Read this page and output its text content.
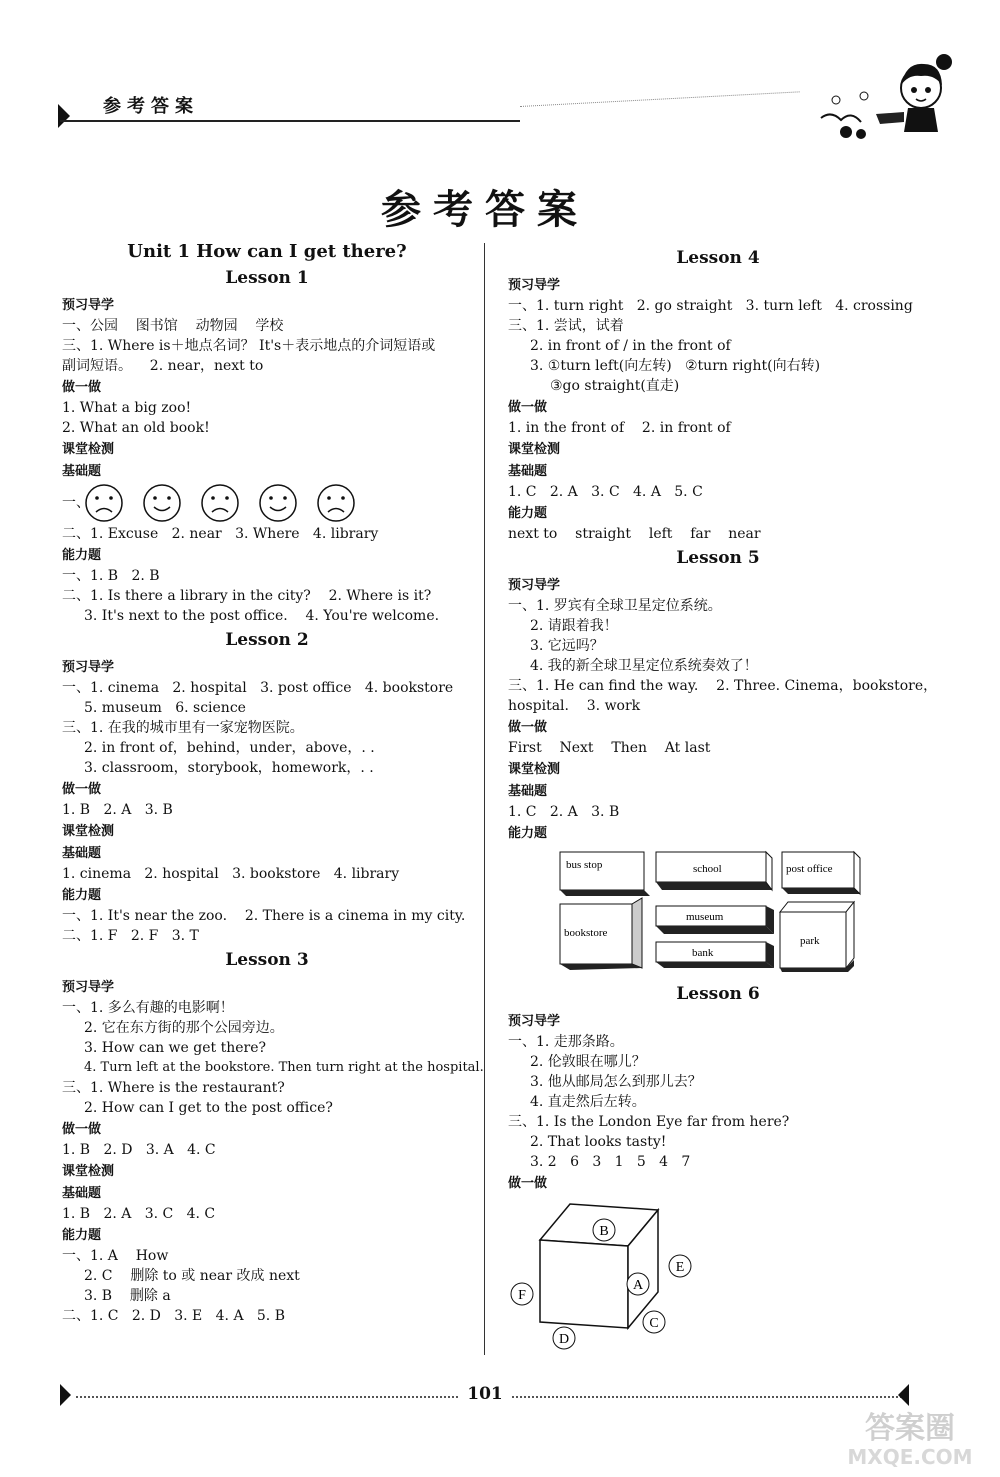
参考答案
参考答案
Unit 1 How can I get there?
Lesson 1
预习导学
一、公园    图书馆    动物园    学校
三、1. Where is＋地点名词？ It's＋表示地点的介词短语或
副词短语。    2. near，next to
做一做
1. What a big zoo!
2. What an old book!
课堂检测
基础题
一、
二、1. Excuse   2. near   3. Where   4. library
能力题
一、1. B   2. B
二、1. Is there a library in the city?    2. Where is it?
3. It's next to the post office.    4. You're welcome.
Lesson 2
预习导学
一、1. cinema   2. hospital   3. post office   4. bookstore
5. museum   6. science
三、1. 在我的城市里有一家宠物医院。
2. in front of，behind，under，above，. .
3. classroom，storybook，homework，. .
做一做
1. B   2. A   3. B
课堂检测
基础题
1. cinema   2. hospital   3. bookstore   4. library
能力题
一、1. It's near the zoo.    2. There is a cinema in my city.
二、1. F   2. F   3. T
Lesson 3
预习导学
一、1. 多么有趣的电影啊！
2. 它在东方街的那个公园旁边。
3. How can we get there?
4. Turn left at the bookstore. Then turn right at the hospital.
三、1. Where is the restaurant?
2. How can I get to the post office?
做一做
1. B   2. D   3. A   4. C
课堂检测
基础题
1. B   2. A   3. C   4. C
能力题
一、1. A    How
2. C    删除 to 或 near 改成 next
3. B    删除 a
二、1. C   2. D   3. E   4. A   5. B
Lesson 4
预习导学
一、1. turn right   2. go straight   3. turn left   4. crossing
三、1. 尝试，试着
2. in front of / in the front of
3. ①turn left(向左转)   ②turn right(向右转)
③go straight(直走)
做一做
1. in the front of    2. in front of
课堂检测
基础题
1. C   2. A   3. C   4. A   5. C
能力题
next to    straight    left    far    near
Lesson 5
预习导学
一、1. 罗宾有全球卫星定位系统。
2. 请跟着我！
3. 它远吗？
4. 我的新全球卫星定位系统奏效了！
三、1. He can find the way.    2. Three. Cinema，bookstore，
hospital.    3. work
做一做
First    Next    Then    At last
课堂检测
基础题
1. C   2. A   3. B
能力题
bus stop	school	post office
bookstore
museum
bank
park
Lesson 6
预习导学
一、1. 走那条路。
2. 伦敦眼在哪儿？
3. 他从邮局怎么到那儿去？
4. 直走然后左转。
三、1. Is the London Eye far from here?
2. That looks tasty!
3. 2   6   3   1   5   4   7
做一做
B
A
E
F
C
D
101
答案圈
MXQE.COM
